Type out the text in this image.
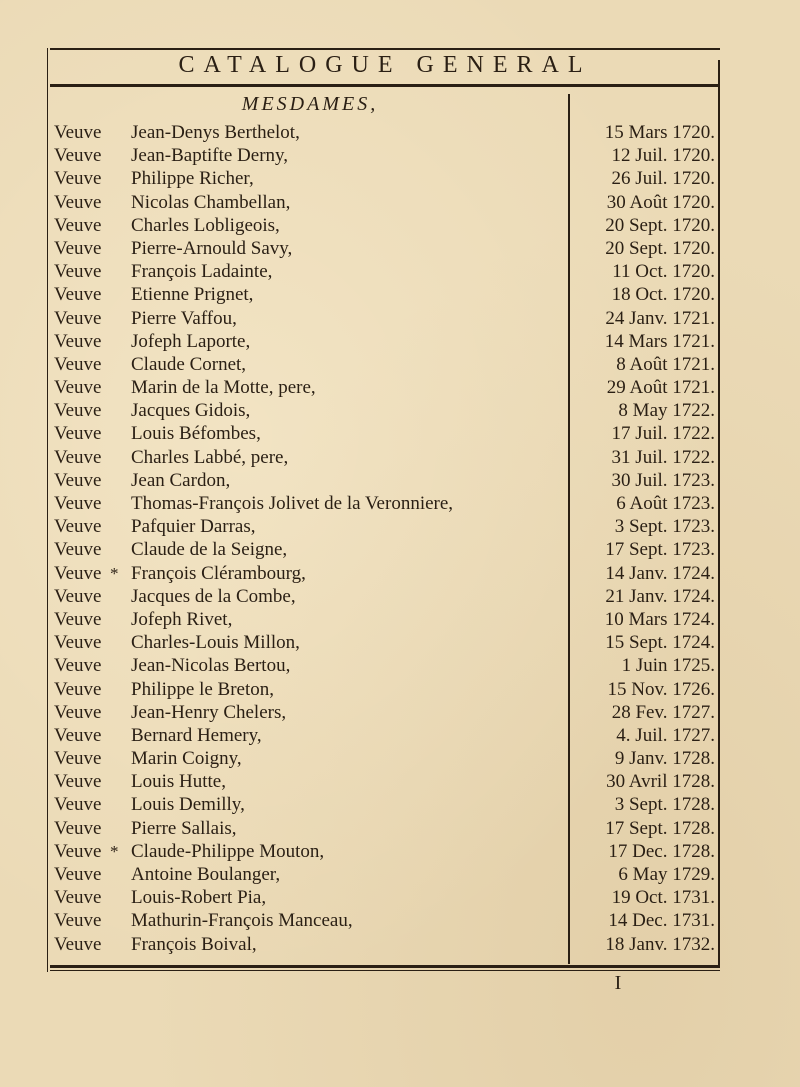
CATALOGUE GENERAL
MESDAMES,
Veuve	Jean-Denys Berthelot,	15 Mars 1720.
Veuve	Jean-Baptifte Derny,	12 Juil. 1720.
Veuve	Philippe Richer,	26 Juil. 1720.
Veuve	Nicolas Chambellan,	30 Août 1720.
Veuve	Charles Lobligeois,	20 Sept. 1720.
Veuve	Pierre-Arnould Savy,	20 Sept. 1720.
Veuve	François Ladainte,	11 Oct. 1720.
Veuve	Etienne Prignet,	18 Oct. 1720.
Veuve	Pierre Vaffou,	24 Janv. 1721.
Veuve	Jofeph Laporte,	14 Mars 1721.
Veuve	Claude Cornet,	8 Août 1721.
Veuve	Marin de la Motte, pere,	29 Août 1721.
Veuve	Jacques Gidois,	8 May 1722.
Veuve	Louis Béfombes,	17 Juil. 1722.
Veuve	Charles Labbé, pere,	31 Juil. 1722.
Veuve	Jean Cardon,	30 Juil. 1723.
Veuve	Thomas-François Jolivet de la Veronniere,	6 Août 1723.
Veuve	Pafquier Darras,	3 Sept. 1723.
Veuve	Claude de la Seigne,	17 Sept. 1723.
Veuve * François Clérambourg,	14 Janv. 1724.
Veuve	Jacques de la Combe,	21 Janv. 1724.
Veuve	Jofeph Rivet,	10 Mars 1724.
Veuve	Charles-Louis Millon,	15 Sept. 1724.
Veuve	Jean-Nicolas Bertou,	1 Juin 1725.
Veuve	Philippe le Breton,	15 Nov. 1726.
Veuve	Jean-Henry Chelers,	28 Fev. 1727.
Veuve	Bernard Hemery,	4. Juil. 1727.
Veuve	Marin Coigny,	9 Janv. 1728.
Veuve	Louis Hutte,	30 Avril 1728.
Veuve	Louis Demilly,	3 Sept. 1728.
Veuve	Pierre Sallais,	17 Sept. 1728.
Veuve * Claude-Philippe Mouton,	17 Dec. 1728.
Veuve	Antoine Boulanger,	6 May 1729.
Veuve	Louis-Robert Pia,	19 Oct. 1731.
Veuve	Mathurin-François Manceau,	14 Dec. 1731.
Veuve	François Boival,	18 Janv. 1732.
I
